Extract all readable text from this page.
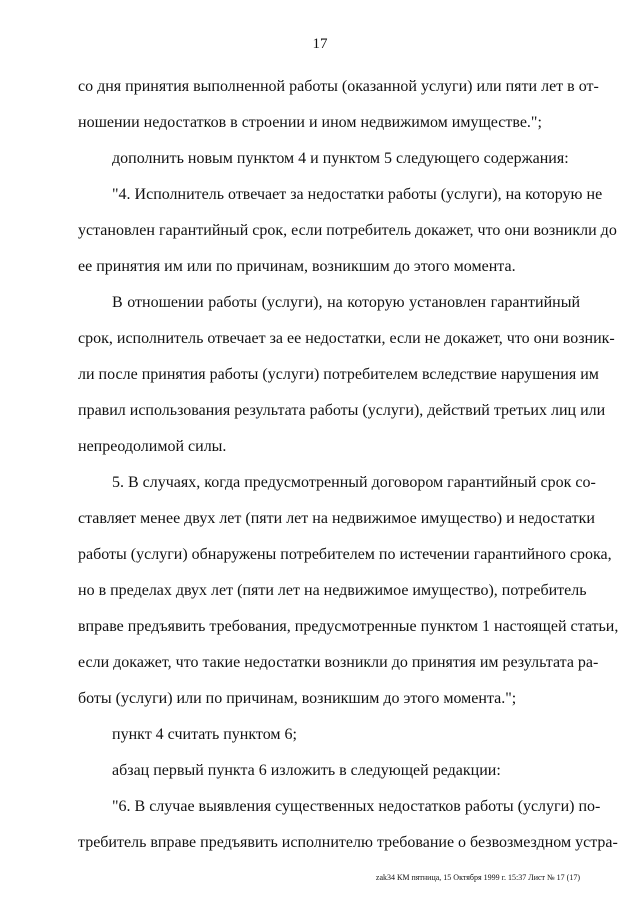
17
со дня принятия выполненной работы (оказанной услуги) или пяти лет в от-
ношении недостатков в строении и ином недвижимом имуществе.";
дополнить новым пунктом 4 и пунктом 5 следующего содержания:
"4. Исполнитель отвечает за недостатки работы (услуги), на которую не
установлен гарантийный срок, если потребитель докажет, что они возникли до
ее принятия им или по причинам, возникшим до этого момента.
В отношении работы (услуги), на которую установлен гарантийный
срок, исполнитель отвечает за ее недостатки, если не докажет, что они возник-
ли после принятия работы (услуги) потребителем вследствие нарушения им
правил использования результата работы (услуги), действий третьих лиц или
непреодолимой силы.
5. В случаях, когда предусмотренный договором гарантийный срок со-
ставляет менее двух лет (пяти лет на недвижимое имущество) и недостатки
работы (услуги) обнаружены потребителем по истечении гарантийного срока,
но в пределах двух лет (пяти лет на недвижимое имущество), потребитель
вправе предъявить требования, предусмотренные пунктом 1 настоящей статьи,
если докажет, что такие недостатки возникли до принятия им результата ра-
боты (услуги) или по причинам, возникшим до этого момента.";
пункт 4 считать пунктом 6;
абзац первый пункта 6 изложить в следующей редакции:
"6. В случае выявления существенных недостатков работы (услуги) по-
требитель вправе предъявить исполнителю требование о безвозмездном устра-
zak34 КМ пятница, 15 Октября 1999 г. 15:37 Лист № 17 (17)
